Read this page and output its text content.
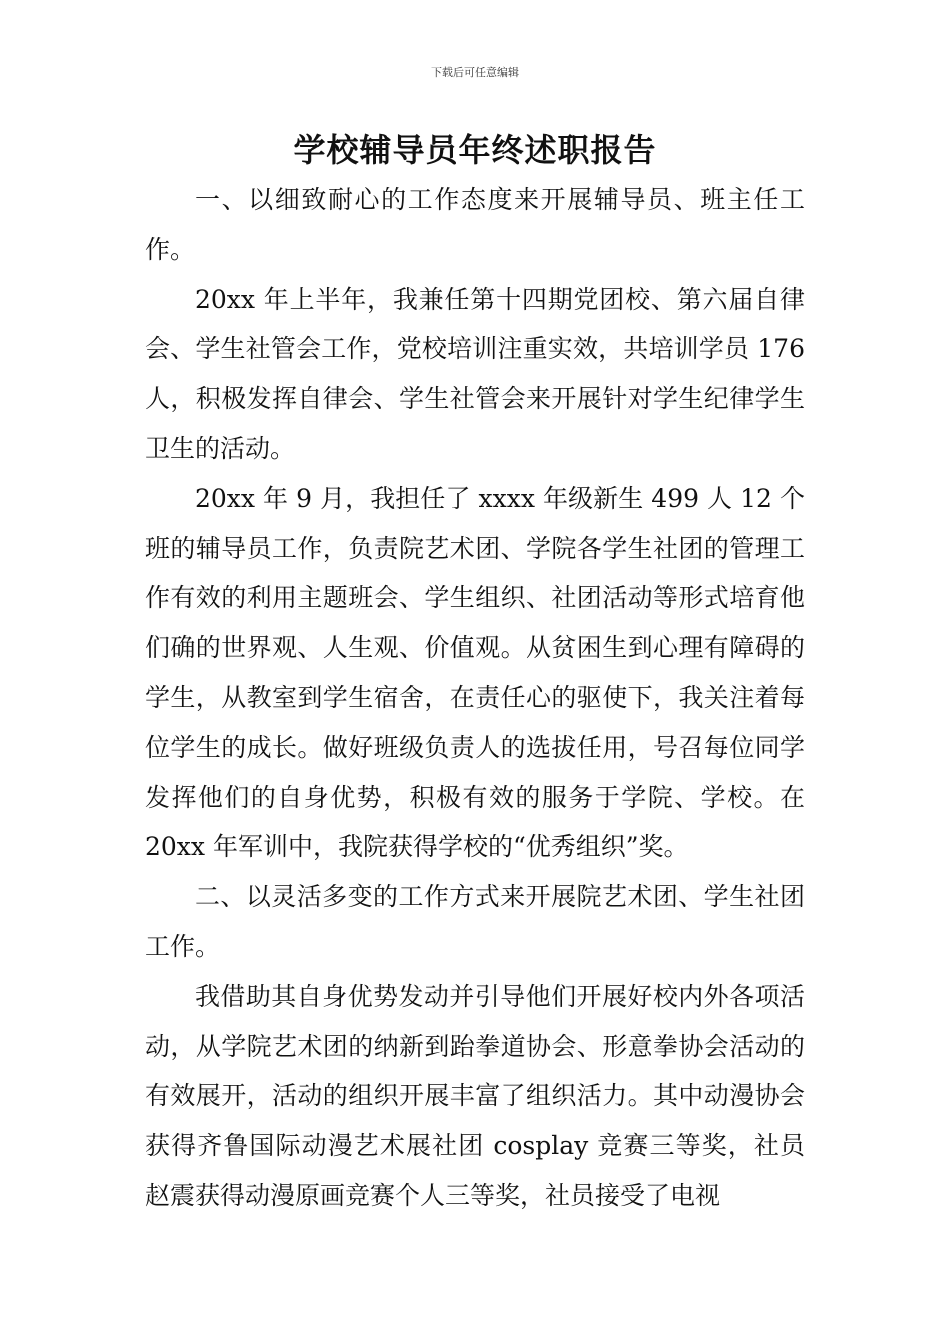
下载后可任意编辑
学校辅导员年终述职报告

一、以细致耐心的工作态度来开展辅导员、班主任工作。

20xx 年上半年，我兼任第十四期党团校、第六届自律会、学生社管会工作，党校培训注重实效，共培训学员 176 人，积极发挥自律会、学生社管会来开展针对学生纪律学生卫生的活动。

20xx 年 9 月，我担任了 xxxx 年级新生 499 人 12 个班的辅导员工作，负责院艺术团、学院各学生社团的管理工作有效的利用主题班会、学生组织、社团活动等形式培育他们确的世界观、人生观、价值观。从贫困生到心理有障碍的学生，从教室到学生宿舍，在责任心的驱使下，我关注着每位学生的成长。做好班级负责人的选拔任用，号召每位同学发挥他们的自身优势，积极有效的服务于学院、学校。在 20xx 年军训中，我院获得学校的“优秀组织”奖。

二、以灵活多变的工作方式来开展院艺术团、学生社团工作。

我借助其自身优势发动并引导他们开展好校内外各项活动，从学院艺术团的纳新到跆拳道协会、形意拳协会活动的有效展开，活动的组织开展丰富了组织活力。其中动漫协会获得齐鲁国际动漫艺术展社团 cosplay 竞赛三等奖，社员赵震获得动漫原画竞赛个人三等奖，社员接受了电视
